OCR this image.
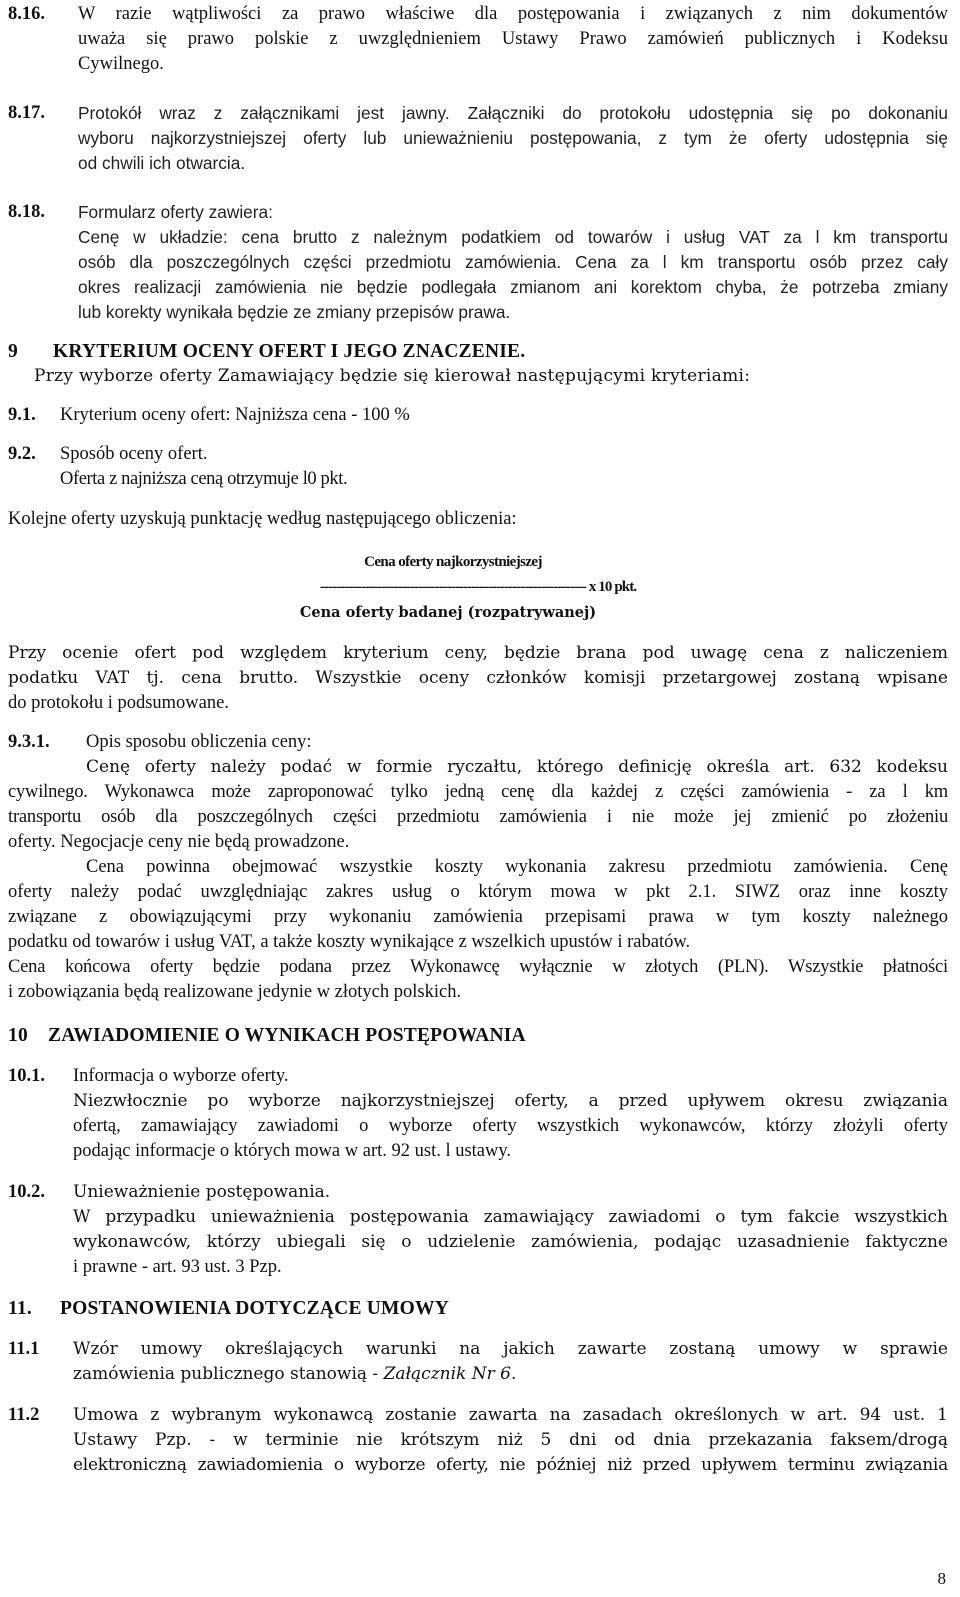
8.16.	W razie wątpliwości za prawo właściwe dla postępowania i związanych z nim dokumentów

uważa się prawo polskie z uwzględnieniem Ustawy Prawo zamówień publicznych i Kodeksu

Cywilnego.

8.17.	Protokół wraz z załącznikami jest jawny. Załączniki do protokołu udostępnia się po dokonaniu

wyboru najkorzystniejszej oferty lub unieważnieniu postępowania, z tym że oferty udostępnia się

od chwili ich otwarcia.

8.18.	Formularz oferty zawiera:

Cenę w układzie: cena brutto z należnym podatkiem od towarów i usług VAT za l km transportu

osób dla poszczególnych części przedmiotu zamówienia. Cena za l km transportu osób przez cały

okres realizacji zamówienia nie będzie podlegała zmianom ani korektom chyba, że potrzeba zmiany

lub korekty wynikała będzie ze zmiany przepisów prawa.

9	KRYTERIUM OCENY OFERT I JEGO ZNACZENIE.

Przy wyborze oferty Zamawiający będzie się kierował następującymi kryteriami:

9.1.	Kryterium oceny ofert: Najniższa cena - 100 %
9.2.	Sposób oceny ofert.

Oferta z najniższa ceną otrzymuje l0 pkt.

Kolejne oferty uzyskują punktację według następującego obliczenia:

Cena oferty najkorzystniejszej

----------------------------------------------------------------- x 10 pkt.

Cena oferty badanej (rozpatrywanej)

Przy ocenie ofert pod względem kryterium ceny, będzie brana pod uwagę cena z naliczeniem

podatku VAT tj. cena brutto. Wszystkie oceny członków komisji przetargowej zostaną wpisane

do protokołu i podsumowane.

9.3.1.	Opis sposobu obliczenia ceny:

Cenę oferty należy podać w formie ryczałtu, którego definicję określa art. 632 kodeksu

cywilnego. Wykonawca może zaproponować tylko jedną cenę dla każdej z części zamówienia - za l km

transportu osób dla poszczególnych części przedmiotu zamówienia i nie może jej zmienić po złożeniu

oferty. Negocjacje ceny nie będą prowadzone.

Cena powinna obejmować wszystkie koszty wykonania zakresu przedmiotu zamówienia. Cenę

oferty należy podać uwzględniając zakres usług o którym mowa w pkt 2.1. SIWZ oraz inne koszty

związane z obowiązującymi przy wykonaniu zamówienia przepisami prawa w tym koszty należnego

podatku od towarów i usług VAT, a także koszty wynikające z wszelkich upustów i rabatów.

Cena końcowa oferty będzie podana przez Wykonawcę wyłącznie w złotych (PLN). Wszystkie płatności

i zobowiązania będą realizowane jedynie w złotych polskich.

10	ZAWIADOMIENIE O WYNIKACH POSTĘPOWANIA
10.1.	Informacja o wyborze oferty.

Niezwłocznie po wyborze najkorzystniejszej oferty, a przed upływem okresu związania

ofertą, zamawiający zawiadomi o wyborze oferty wszystkich wykonawców, którzy złożyli oferty

podając informacje o których mowa w art. 92 ust. l ustawy.

10.2.	Unieważnienie postępowania.

W przypadku unieważnienia postępowania zamawiający zawiadomi o tym fakcie wszystkich

wykonawców, którzy ubiegali się o udzielenie zamówienia, podając uzasadnienie faktyczne

i prawne - art. 93 ust. 3 Pzp.

11.	POSTANOWIENIA DOTYCZĄCE UMOWY
11.1	Wzór umowy określających warunki na jakich zawarte zostaną umowy w sprawie

zamówienia publicznego stanowią - Załącznik Nr 6.

11.2	Umowa z wybranym wykonawcą zostanie zawarta na zasadach określonych w art. 94 ust. 1

Ustawy Pzp. - w terminie nie krótszym niż 5 dni od dnia przekazania faksem/drogą

elektroniczną zawiadomienia o wyborze oferty, nie później niż przed upływem terminu związania

8
